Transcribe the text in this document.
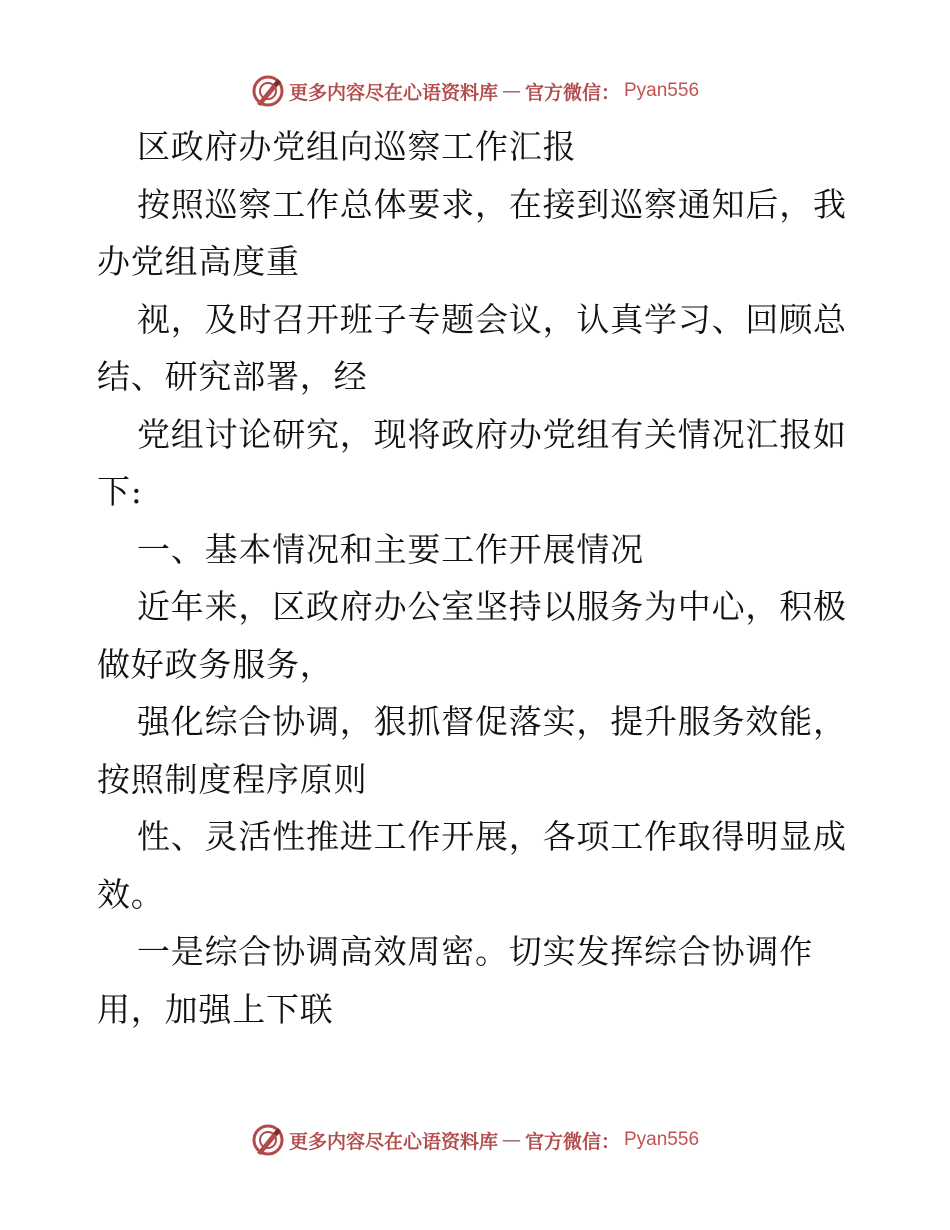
更多内容尽在心语资料库 — 官方微信： Pyan556
区政府办党组向巡察工作汇报
按照巡察工作总体要求，在接到巡察通知后，我
办党组高度重
视，及时召开班子专题会议，认真学习、回顾总
结、研究部署，经
党组讨论研究，现将政府办党组有关情况汇报如
下:
一、基本情况和主要工作开展情况
近年来，区政府办公室坚持以服务为中心，积极
做好政务服务，
强化综合协调，狠抓督促落实，提升服务效能，
按照制度程序原则
性、灵活性推进工作开展，各项工作取得明显成
效。
一是综合协调高效周密。切实发挥综合协调作
用，加强上下联
更多内容尽在心语资料库 — 官方微信： Pyan556
